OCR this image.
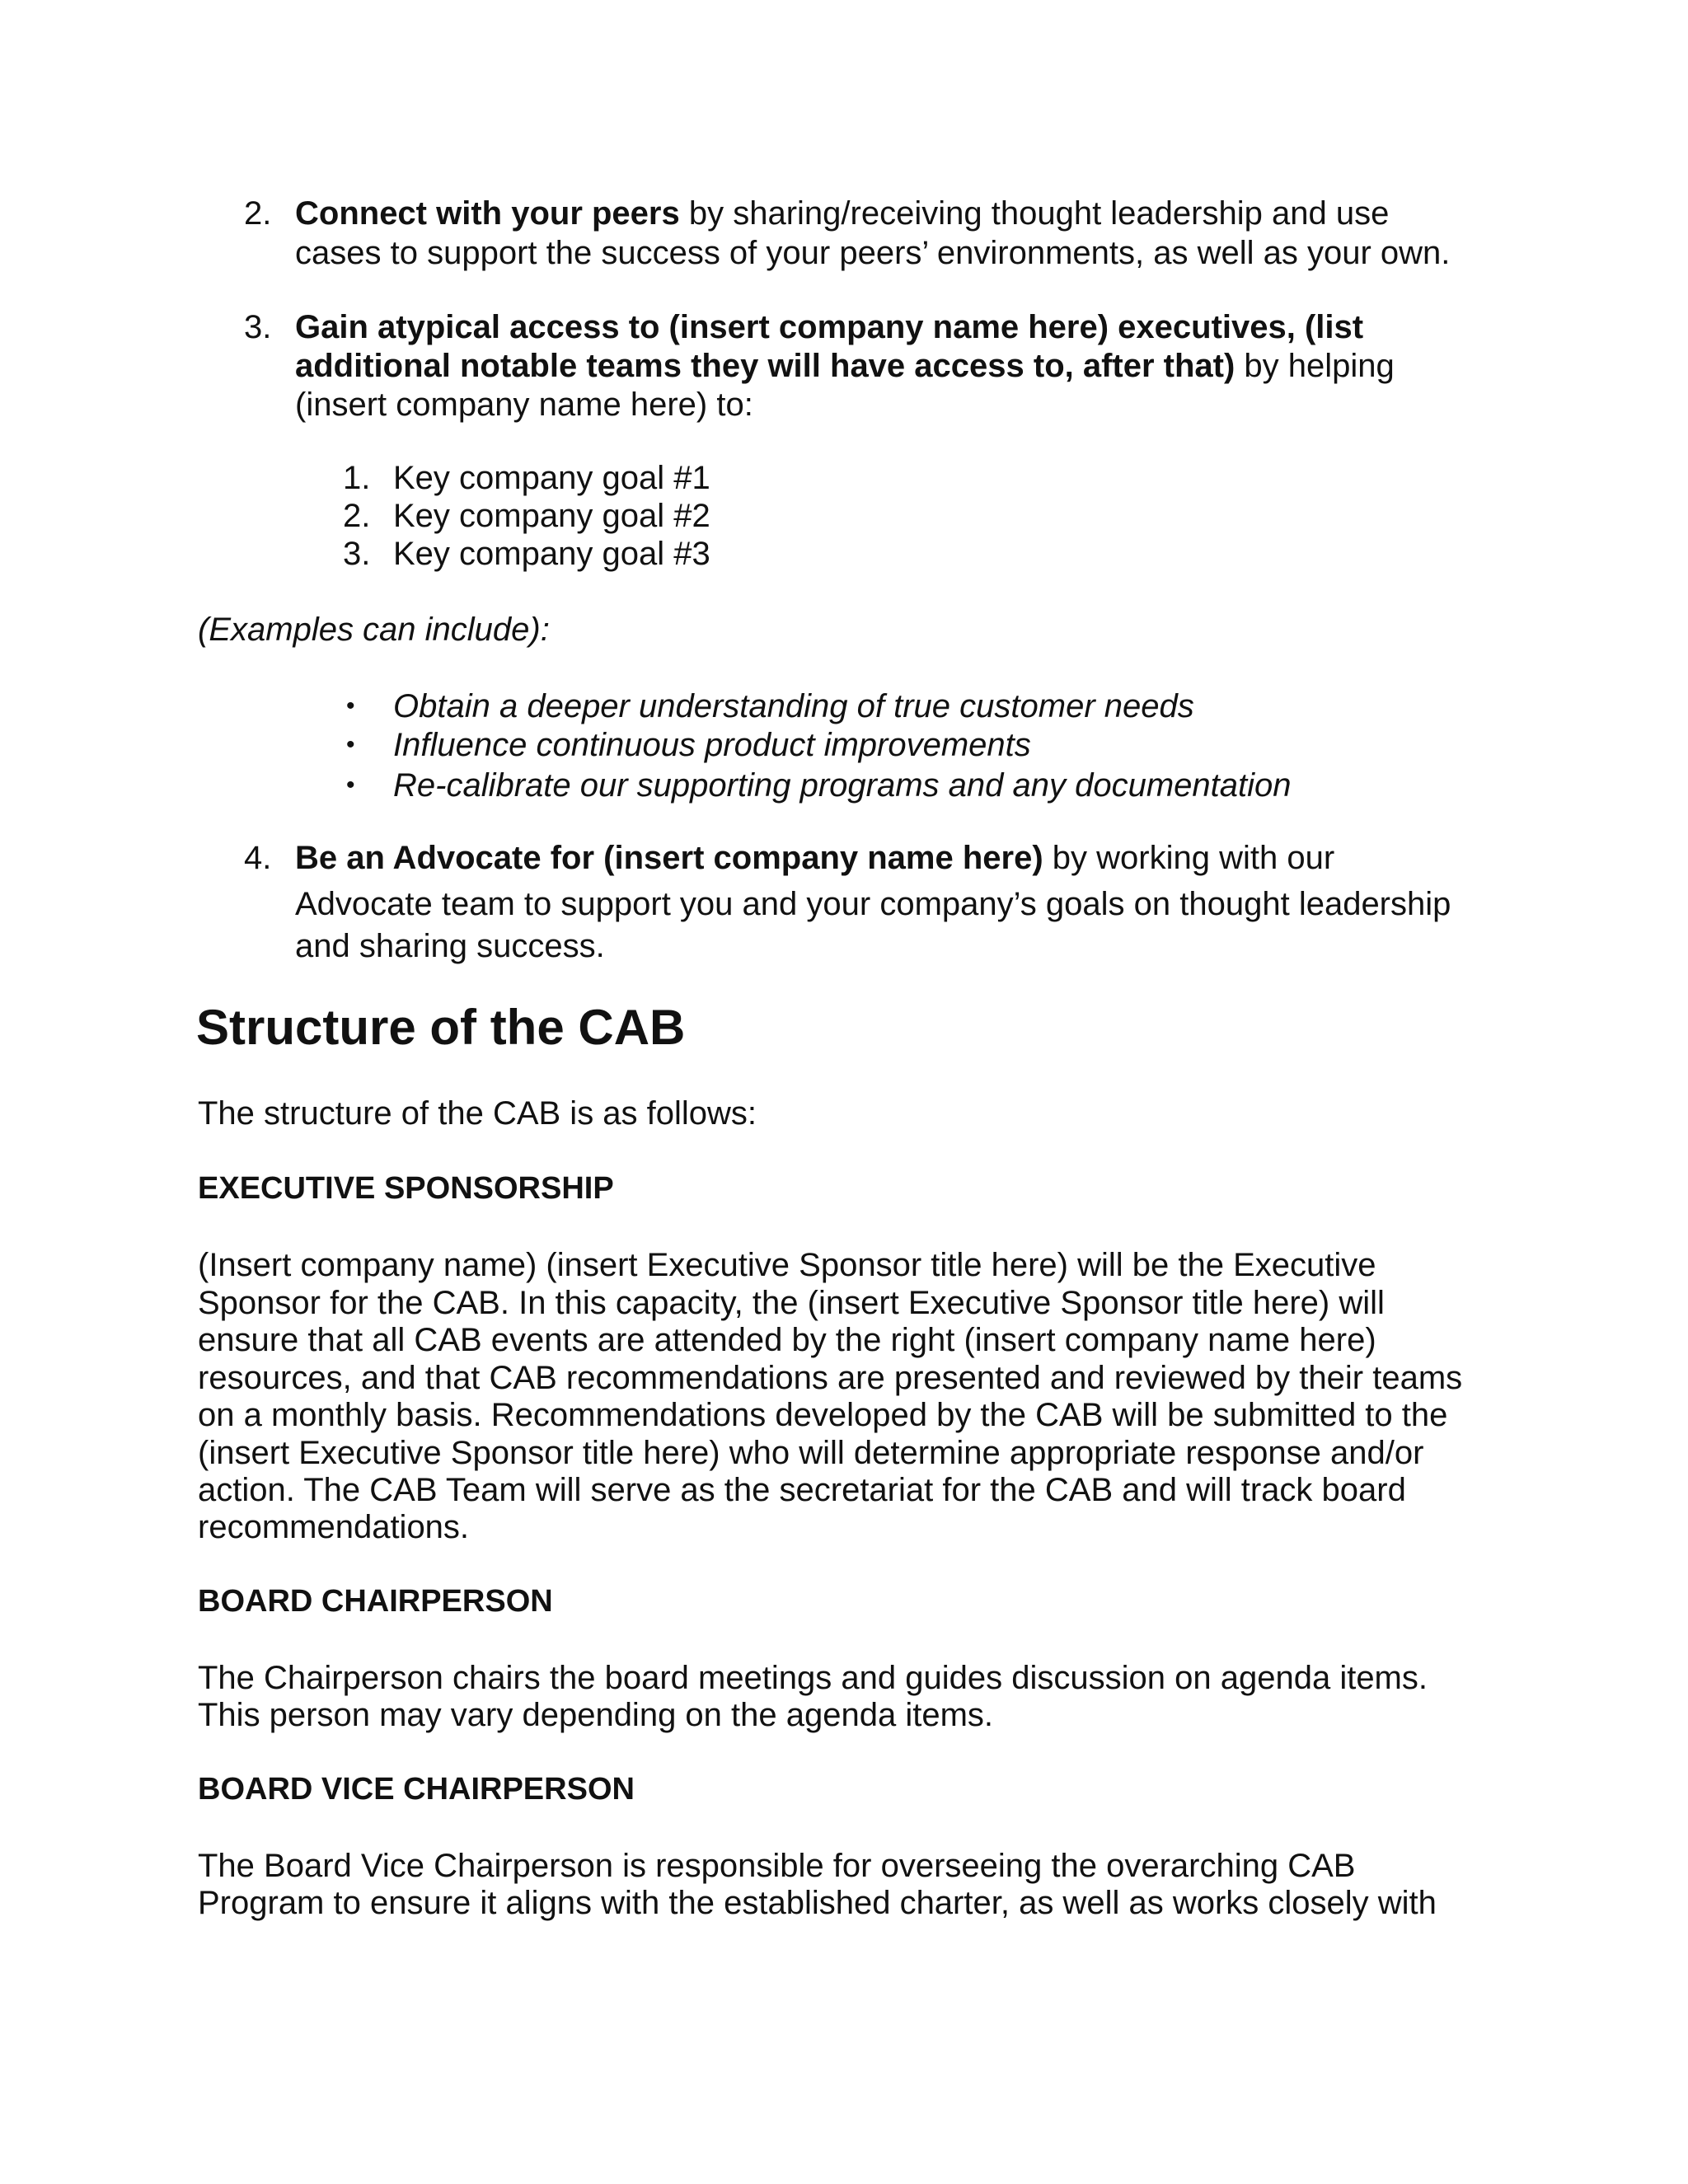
2. Connect with your peers by sharing/receiving thought leadership and use
cases to support the success of your peers’ environments, as well as your own.
3. Gain atypical access to (insert company name here) executives, (list
additional notable teams they will have access to, after that) by helping
(insert company name here) to:
1. Key company goal #1
2. Key company goal #2
3. Key company goal #3
(Examples can include):
• Obtain a deeper understanding of true customer needs
• Influence continuous product improvements
• Re-calibrate our supporting programs and any documentation
4. Be an Advocate for (insert company name here) by working with our
Advocate team to support you and your company’s goals on thought leadership
and sharing success.
Structure of the CAB
The structure of the CAB is as follows:
EXECUTIVE SPONSORSHIP
(Insert company name) (insert Executive Sponsor title here) will be the Executive
Sponsor for the CAB. In this capacity, the (insert Executive Sponsor title here) will
ensure that all CAB events are attended by the right (insert company name here)
resources, and that CAB recommendations are presented and reviewed by their teams
on a monthly basis. Recommendations developed by the CAB will be submitted to the
(insert Executive Sponsor title here) who will determine appropriate response and/or
action. The CAB Team will serve as the secretariat for the CAB and will track board
recommendations.
BOARD CHAIRPERSON
The Chairperson chairs the board meetings and guides discussion on agenda items.
This person may vary depending on the agenda items.
BOARD VICE CHAIRPERSON
The Board Vice Chairperson is responsible for overseeing the overarching CAB
Program to ensure it aligns with the established charter, as well as works closely with
